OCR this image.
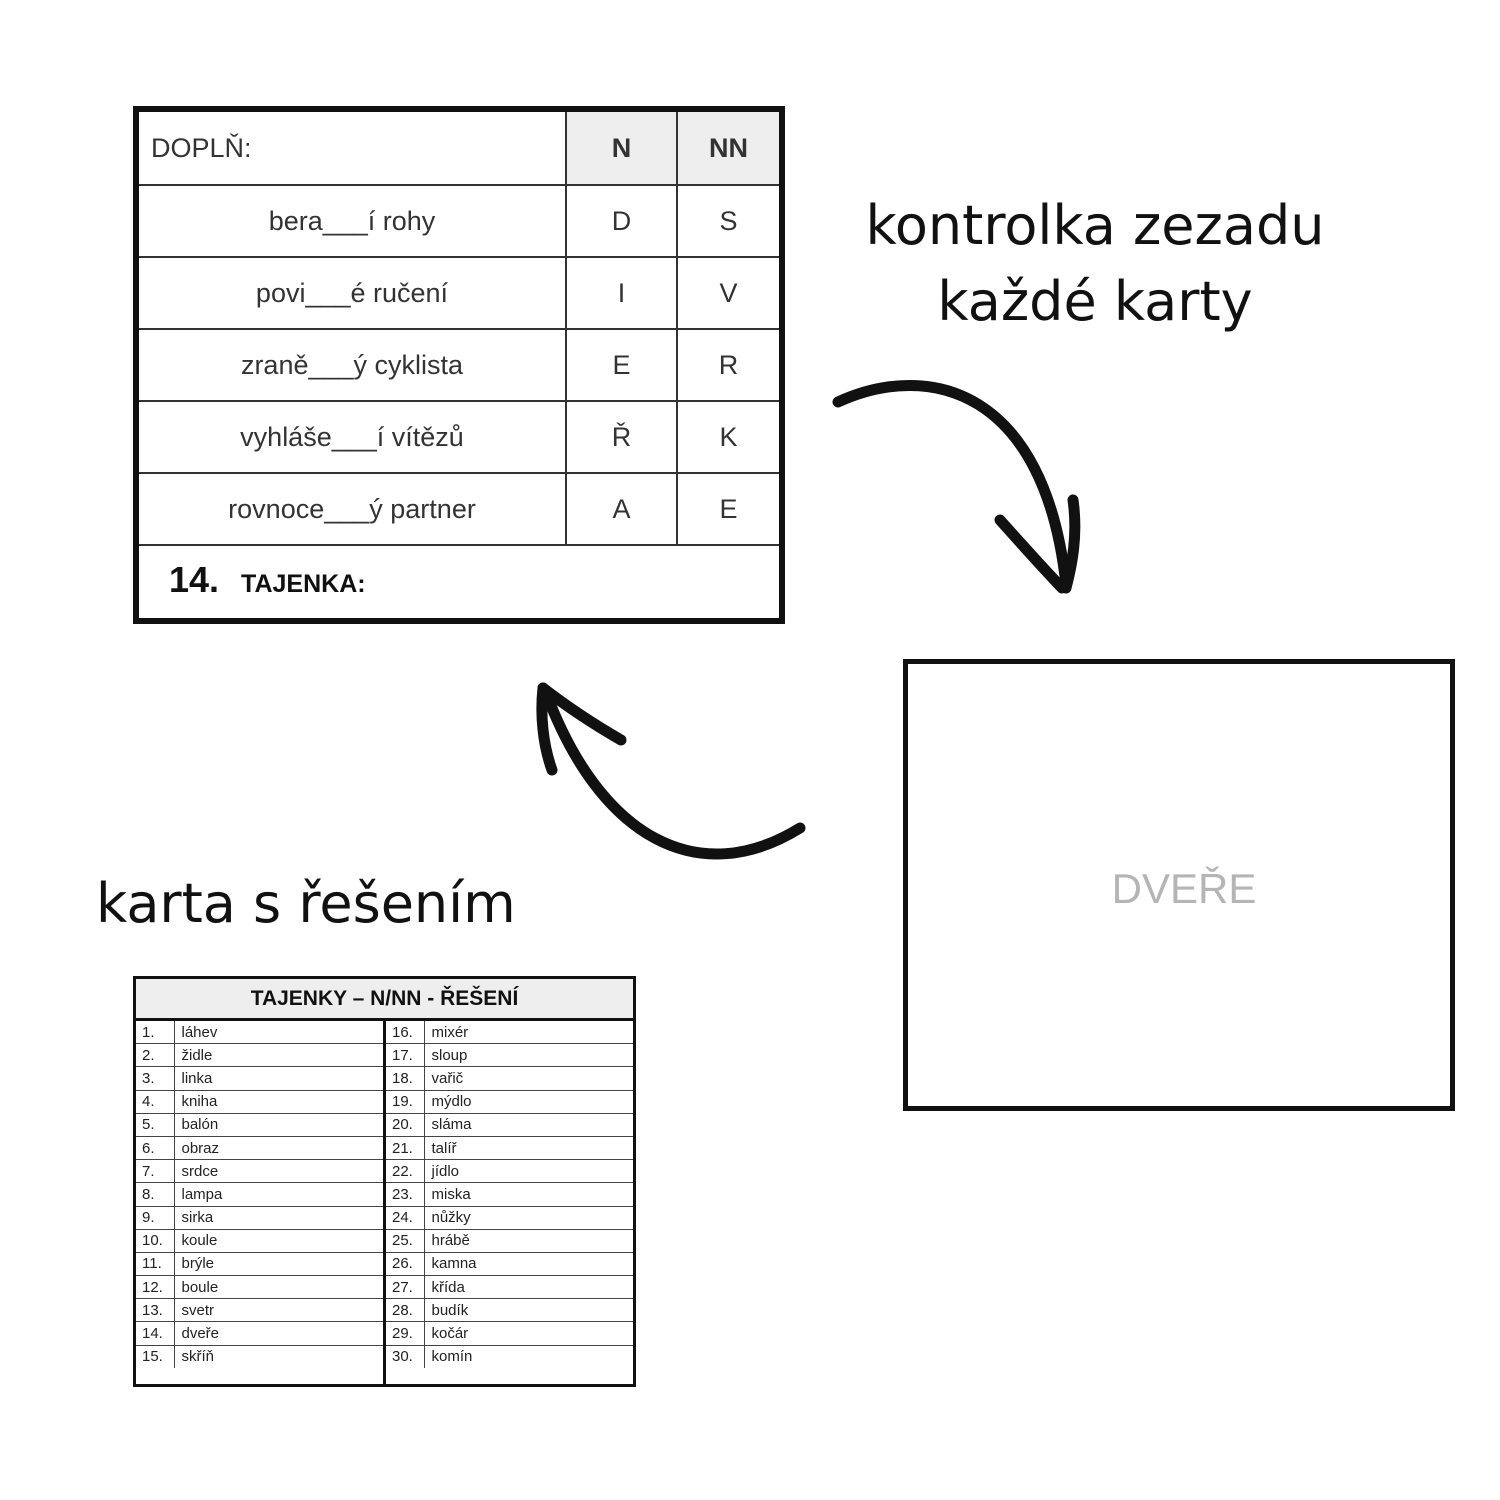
DOPLŇ:	N	NN
bera___í rohy	D	S
povi___é ručení	I	V
zraně___ý cyklista	E	R
vyhláše___í vítězů	Ř	K
rovnoce___ý partner	A	E
14. TAJENKA:		
kontrolka zezadu
každé karty
DVEŘE
karta s řešením
TAJENKY – N/NN - ŘEŠENÍ
1.	láhev
2.	židle
3.	linka
4.	kniha
5.	balón
6.	obraz
7.	srdce
8.	lampa
9.	sirka
10.	koule
11.	brýle
12.	boule
13.	svetr
14.	dveře
15.	skříň
16.	mixér
17.	sloup
18.	vařič
19.	mýdlo
20.	sláma
21.	talíř
22.	jídlo
23.	miska
24.	nůžky
25.	hrábě
26.	kamna
27.	křída
28.	budík
29.	kočár
30.	komín
